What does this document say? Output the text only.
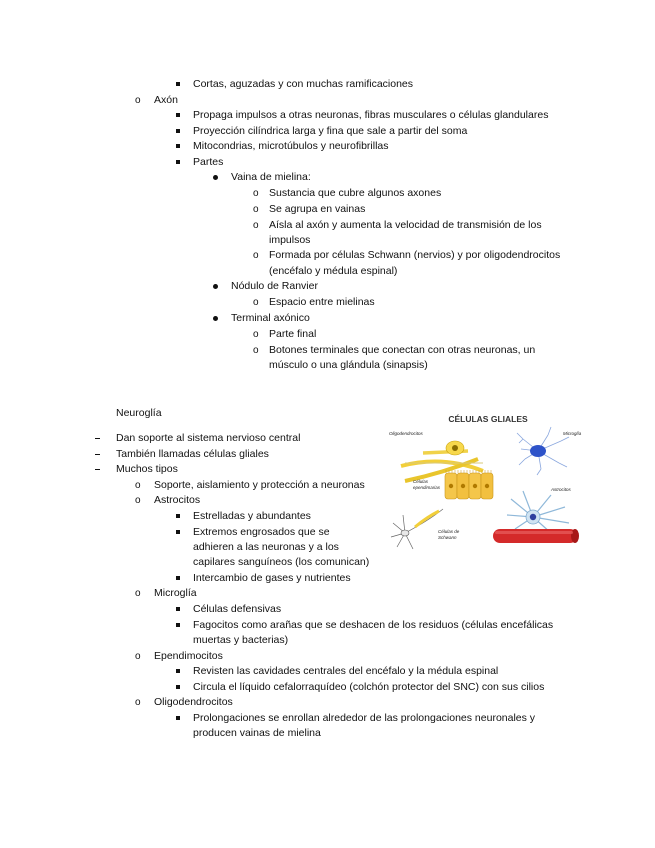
Cortas, aguzadas y con muchas ramificaciones
o Axón
Propaga impulsos a otras neuronas, fibras musculares o células glandulares
Proyección cilíndrica larga y fina que sale a partir del soma
Mitocondrias, microtúbulos y neurofibrillas
Partes
Vaina de mielina:
o Sustancia que cubre algunos axones
o Se agrupa en vainas
o Aísla al axón y aumenta la velocidad de transmisión de los
impulsos
o Formada por células Schwann (nervios) y por oligodendrocitos
(encéfalo y médula espinal)
Nódulo de Ranvier
o Espacio entre mielinas
Terminal axónico
o Parte final
o Botones terminales que conectan con otras neuronas, un
músculo o una glándula (sinapsis)
Neuroglía
Dan soporte al sistema nervioso central
También llamadas células gliales
Muchos tipos
o Soporte, aislamiento y protección a neuronas
o Astrocitos
Estrelladas y abundantes
Extremos engrosados que se
adhieren a las neuronas y a los
capilares sanguíneos (los comunican)
Intercambio de gases y nutrientes
o Microglía
Células defensivas
Fagocitos como arañas que se deshacen de los residuos (células encefálicas
muertas y bacterias)
o Ependimocitos
Revisten las cavidades centrales del encéfalo y la médula espinal
Circula el líquido cefalorraquídeo (colchón protector del SNC) con sus cilios
o Oligodendrocitos
Prolongaciones se enrollan alrededor de las prolongaciones neuronales y
producen vainas de mielina
CÉLULAS GLIALES
Oligodendrocitos	Microglía
Células
ependimarias
Células de
Schwann
Astrocitos
